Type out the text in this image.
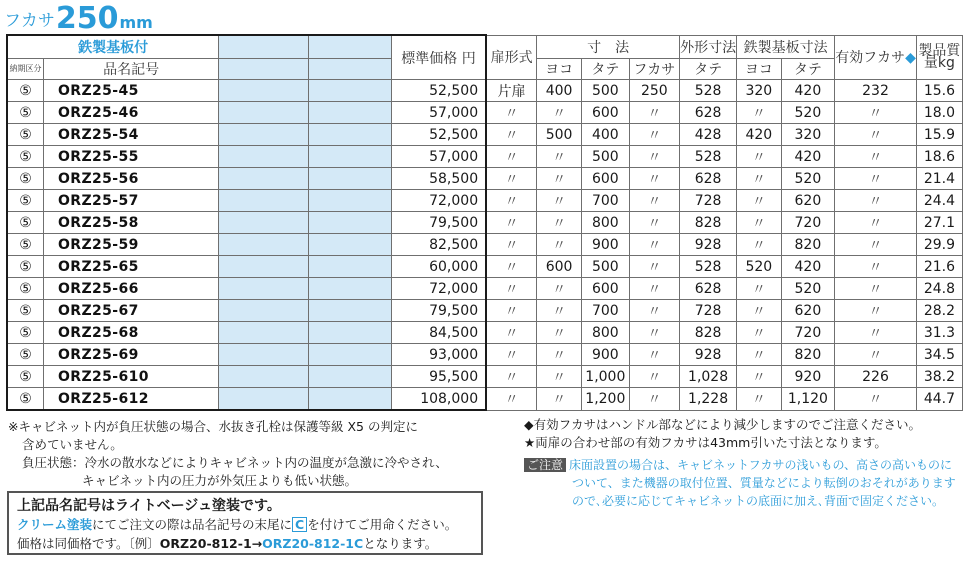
フカサ 250 mm
鉄製基板付				標準価格 円	扉形式	寸　法			外形寸法	鉄製基板寸法		有効フカサ◆	製品質量kg
納期区分	品名記号					ヨコ	タテ	フカサ	タテ	ヨコ	タテ		
⑤	ORZ25-45			52,500	片扉	400	500	250	528	320	420	232	15.6
⑤	ORZ25-46			57,000	〃	〃	600	〃	628	〃	520	〃	18.0
⑤	ORZ25-54			52,500	〃	500	400	〃	428	420	320	〃	15.9
⑤	ORZ25-55			57,000	〃	〃	500	〃	528	〃	420	〃	18.6
⑤	ORZ25-56			58,500	〃	〃	600	〃	628	〃	520	〃	21.4
⑤	ORZ25-57			72,000	〃	〃	700	〃	728	〃	620	〃	24.4
⑤	ORZ25-58			79,500	〃	〃	800	〃	828	〃	720	〃	27.1
⑤	ORZ25-59			82,500	〃	〃	900	〃	928	〃	820	〃	29.9
⑤	ORZ25-65			60,000	〃	600	500	〃	528	520	420	〃	21.6
⑤	ORZ25-66			72,000	〃	〃	600	〃	628	〃	520	〃	24.8
⑤	ORZ25-67			79,500	〃	〃	700	〃	728	〃	620	〃	28.2
⑤	ORZ25-68			84,500	〃	〃	800	〃	828	〃	720	〃	31.3
⑤	ORZ25-69			93,000	〃	〃	900	〃	928	〃	820	〃	34.5
⑤	ORZ25-610			95,500	〃	〃	1,000	〃	1,028	〃	920	226	38.2
⑤	ORZ25-612			108,000	〃	〃	1,200	〃	1,228	〃	1,120	〃	44.7
※キャビネット内が負圧状態の場合、水抜き孔栓は保護等級 X5 の判定に
含めていません。
負圧状態：冷水の散水などによりキャビネット内の温度が急激に冷やされ、
キャビネット内の圧力が外気圧よりも低い状態。
◆有効フカサはハンドル部などにより減少しますのでご注意ください。
★両扉の合わせ部の有効フカサは43mm引いた寸法となります。
ご注意 床面設置の場合は、キャビネットフカサの浅いもの、高さの高いものに
ついて、また機器の取付位置、質量などにより転倒のおそれがあります
ので､必要に応じてキャビネットの底面に加え､背面で固定ください｡
上記品名記号はライトベージュ塗装です。
クリーム塗装にてご注文の際は品名記号の末尾に C を付けてご用命ください。
価格は同価格です。〔例〕ORZ20-812-1→ORZ20-812-1Cとなります。
